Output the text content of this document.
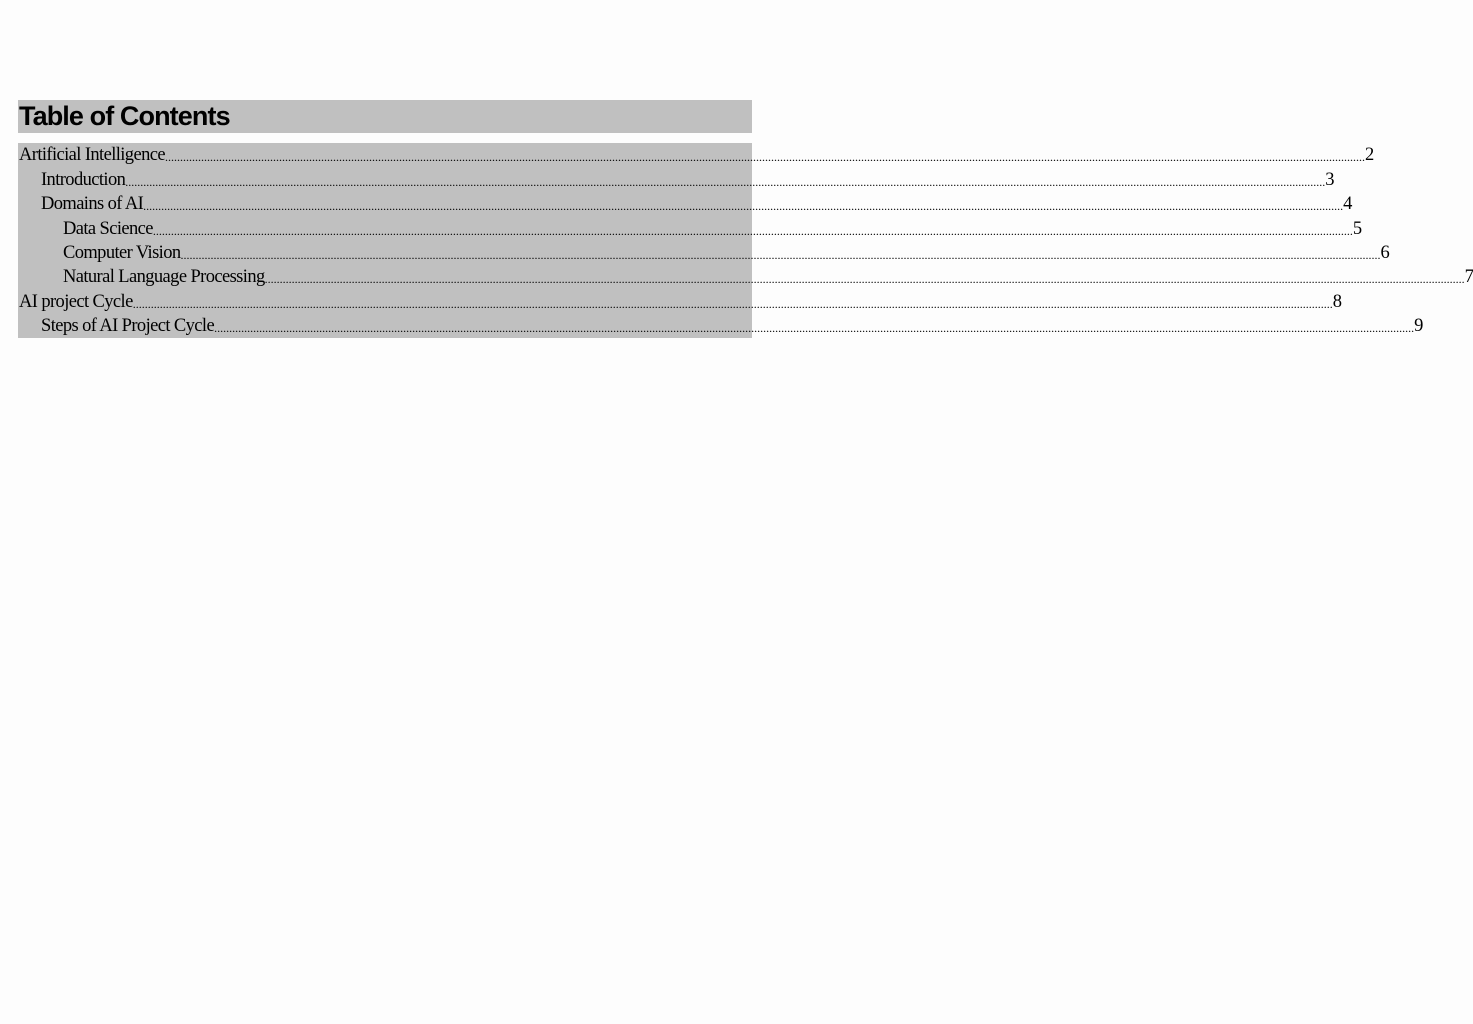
Table of Contents
Artificial Intelligence ................................................................................................................................................................................................................................................................................................................................................................................................................ 2
Introduction ................................................................................................................................................................................................................................................................................................................................................................................................................ 3
Domains of AI ................................................................................................................................................................................................................................................................................................................................................................................................................ 4
Data Science ................................................................................................................................................................................................................................................................................................................................................................................................................ 5
Computer Vision ................................................................................................................................................................................................................................................................................................................................................................................................................ 6
Natural Language Processing ................................................................................................................................................................................................................................................................................................................................................................................................................ 7
AI project Cycle ................................................................................................................................................................................................................................................................................................................................................................................................................ 8
Steps of AI Project Cycle ................................................................................................................................................................................................................................................................................................................................................................................................................ 9
